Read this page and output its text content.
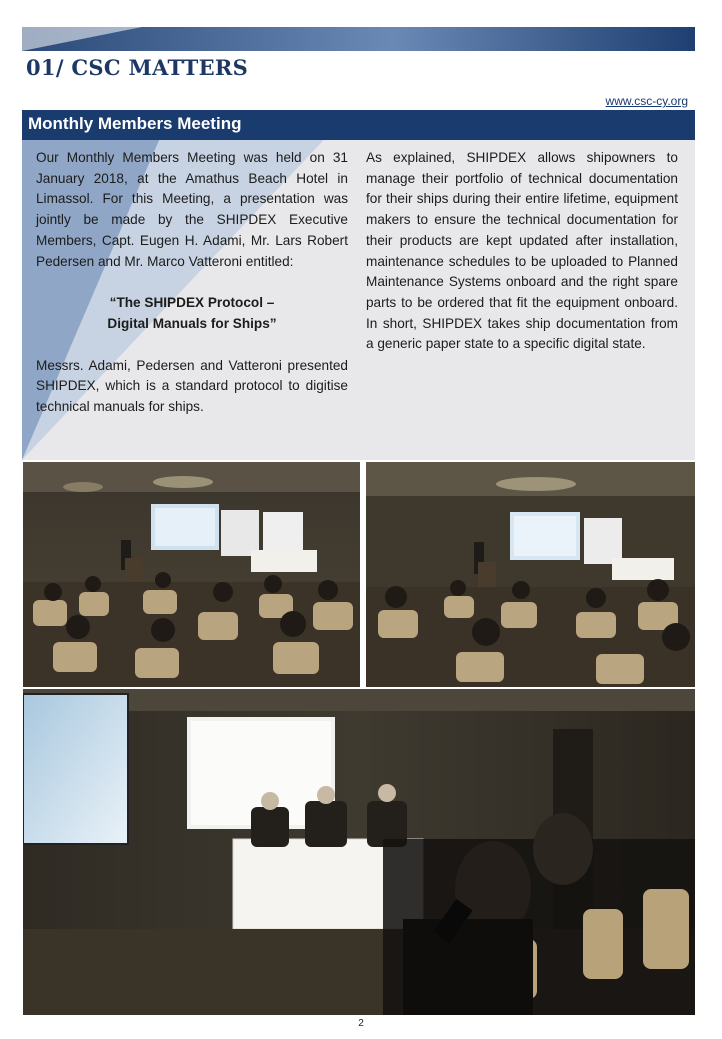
01/ CSC MATTERS
www.csc-cy.org
Monthly Members Meeting

Our Monthly Members Meeting was held on 31 January 2018, at the Amathus Beach Hotel in Limassol. For this Meeting, a presentation was jointly be made by the SHIPDEX Executive Members, Capt. Eugen H. Adami, Mr. Lars Robert Pedersen and Mr. Marco Vatteroni entitled:

“The SHIPDEX Protocol –
Digital Manuals for Ships”

Messrs. Adami, Pedersen and Vatteroni presented SHIPDEX, which is a standard protocol to digitise technical manuals for ships.

As explained, SHIPDEX allows shipowners to manage their portfolio of technical documentation for their ships during their entire lifetime, equipment makers to ensure the technical documentation for their products are kept updated after installation, maintenance schedules to be uploaded to Planned Maintenance Systems onboard and the right spare parts to be ordered that fit the equipment onboard. In short, SHIPDEX takes ship documentation from a generic paper state to a specific digital state.

2
